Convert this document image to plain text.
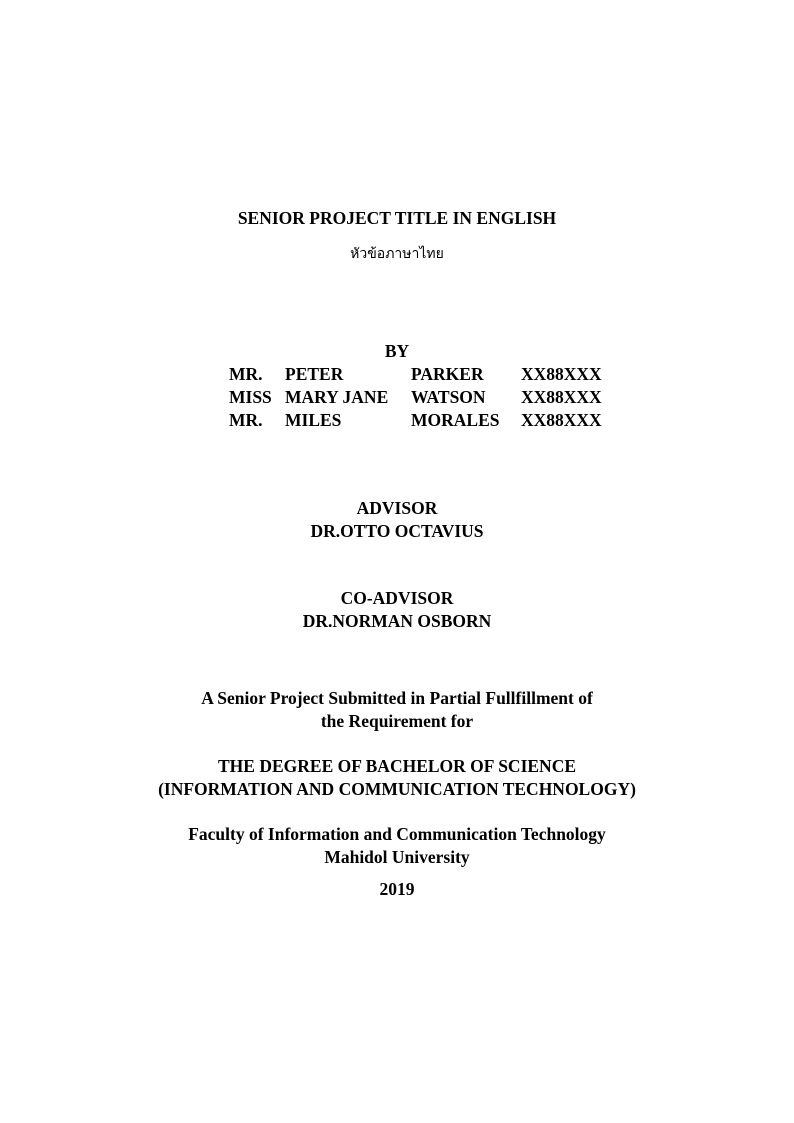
SENIOR PROJECT TITLE IN ENGLISH

หัวข้อภาษาไทย

BY

MR.	PETER	PARKER	XX88XXX
MISS	MARY JANE	WATSON	XX88XXX
MR.	MILES	MORALES	XX88XXX

ADVISOR

DR.OTTO OCTAVIUS

CO-ADVISOR

DR.NORMAN OSBORN

A Senior Project Submitted in Partial Fullfillment of

the Requirement for

THE DEGREE OF BACHELOR OF SCIENCE

(INFORMATION AND COMMUNICATION TECHNOLOGY)

Faculty of Information and Communication Technology

Mahidol University

2019
